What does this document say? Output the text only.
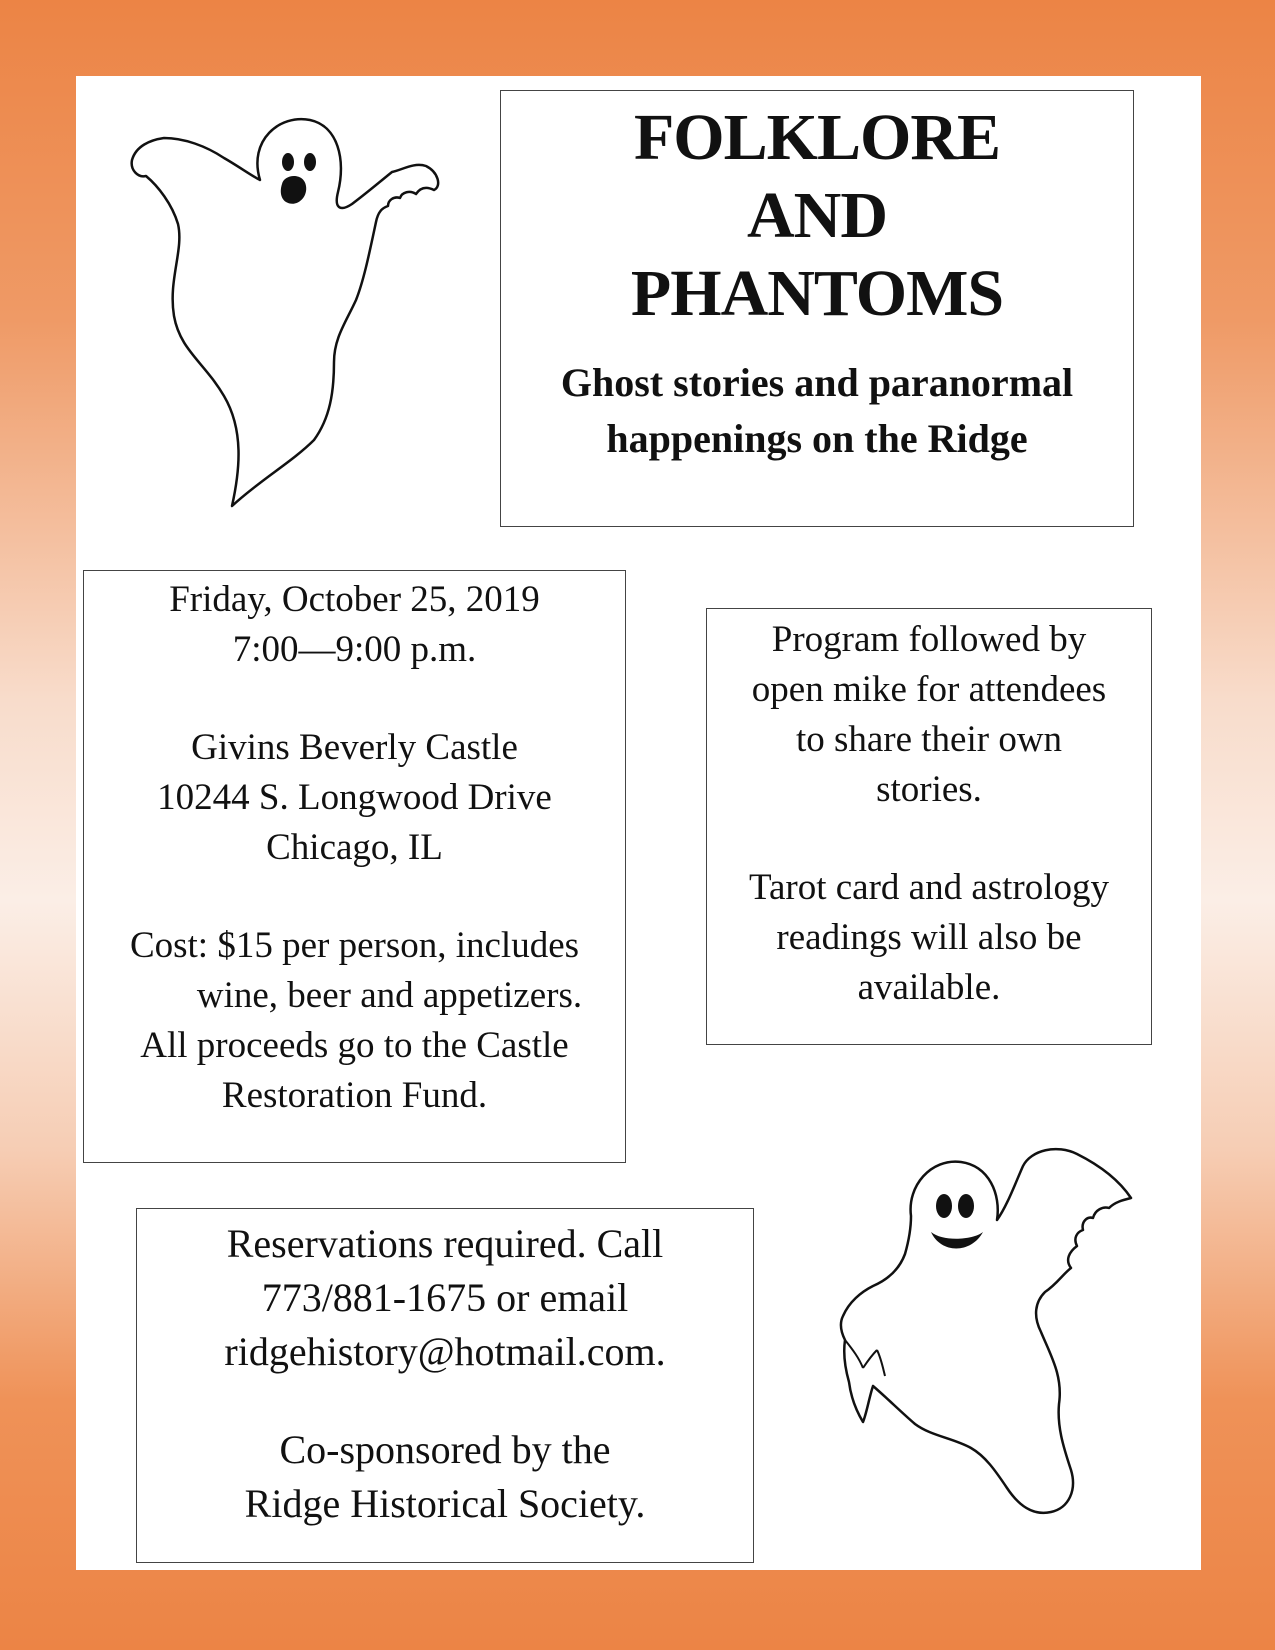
FOLKLORE
AND
PHANTOMS
Ghost stories and paranormal
happenings on the Ridge
Friday, October 25, 2019
7:00—9:00 p.m.
Givins Beverly Castle
10244 S. Longwood Drive
Chicago, IL
Cost: $15 per person, includes
wine, beer and appetizers.
All proceeds go to the Castle
Restoration Fund.
Program followed by
open mike for attendees
to share their own
stories.
Tarot card and astrology
readings will also be
available.
Reservations required. Call
773/881-1675 or email
ridgehistory@hotmail.com.
Co-sponsored by the
Ridge Historical Society.
